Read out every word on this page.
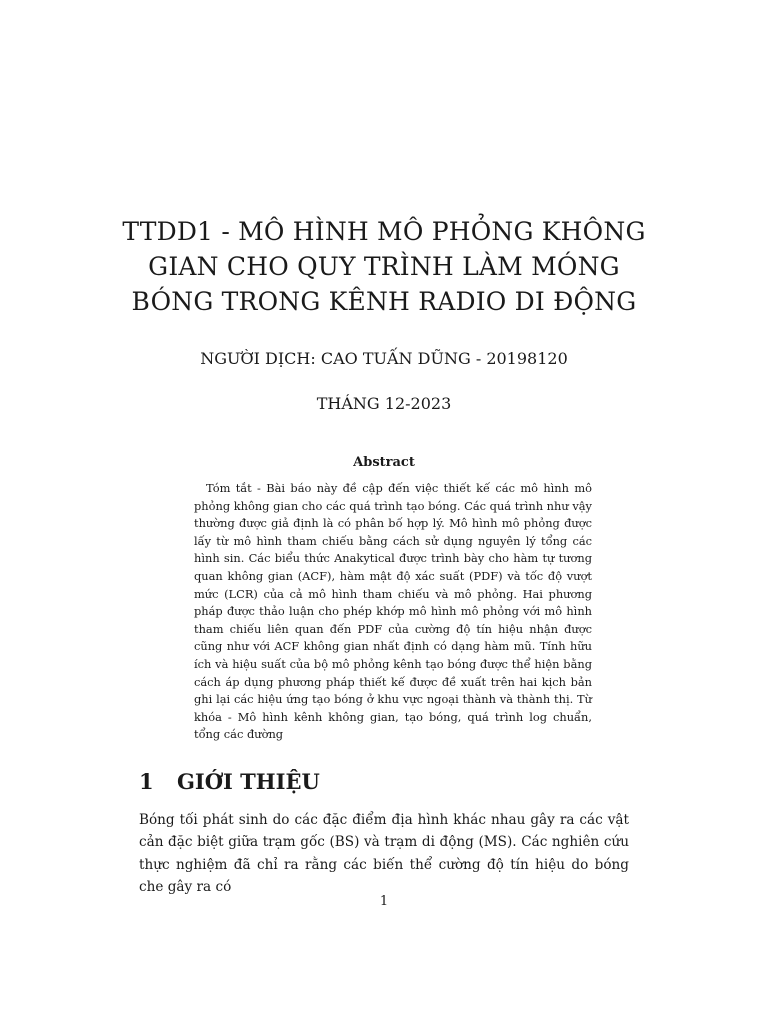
TTDD1 - MÔ HÌNH MÔ PHỎNG KHÔNG GIAN CHO QUY TRÌNH LÀM MÓNG BÓNG TRONG KÊNH RADIO DI ĐỘNG

NGƯỜI DỊCH: CAO TUẤN DŨNG - 20198120

THÁNG 12-2023

Abstract

Tóm tắt - Bài báo này đề cập đến việc thiết kế các mô hình mô phỏng không gian cho các quá trình tạo bóng. Các quá trình như vậy thường được giả định là có phân bố hợp lý. Mô hình mô phỏng được lấy từ mô hình tham chiếu bằng cách sử dụng nguyên lý tổng các hình sin. Các biểu thức Anakytical được trình bày cho hàm tự tương quan không gian (ACF), hàm mật độ xác suất (PDF) và tốc độ vượt mức (LCR) của cả mô hình tham chiếu và mô phỏng. Hai phương pháp được thảo luận cho phép khớp mô hình mô phỏng với mô hình tham chiếu liên quan đến PDF của cường độ tín hiệu nhận được cũng như với ACF không gian nhất định có dạng hàm mũ. Tính hữu ích và hiệu suất của bộ mô phỏng kênh tạo bóng được thể hiện bằng cách áp dụng phương pháp thiết kế được đề xuất trên hai kịch bản ghi lại các hiệu ứng tạo bóng ở khu vực ngoại thành và thành thị. Từ khóa - Mô hình kênh không gian, tạo bóng, quá trình log chuẩn, tổng các đường

1 GIỚI THIỆU

Bóng tối phát sinh do các đặc điểm địa hình khác nhau gây ra các vật cản đặc biệt giữa trạm gốc (BS) và trạm di động (MS). Các nghiên cứu thực nghiệm đã chỉ ra rằng các biến thể cường độ tín hiệu do bóng che gây ra có

1
